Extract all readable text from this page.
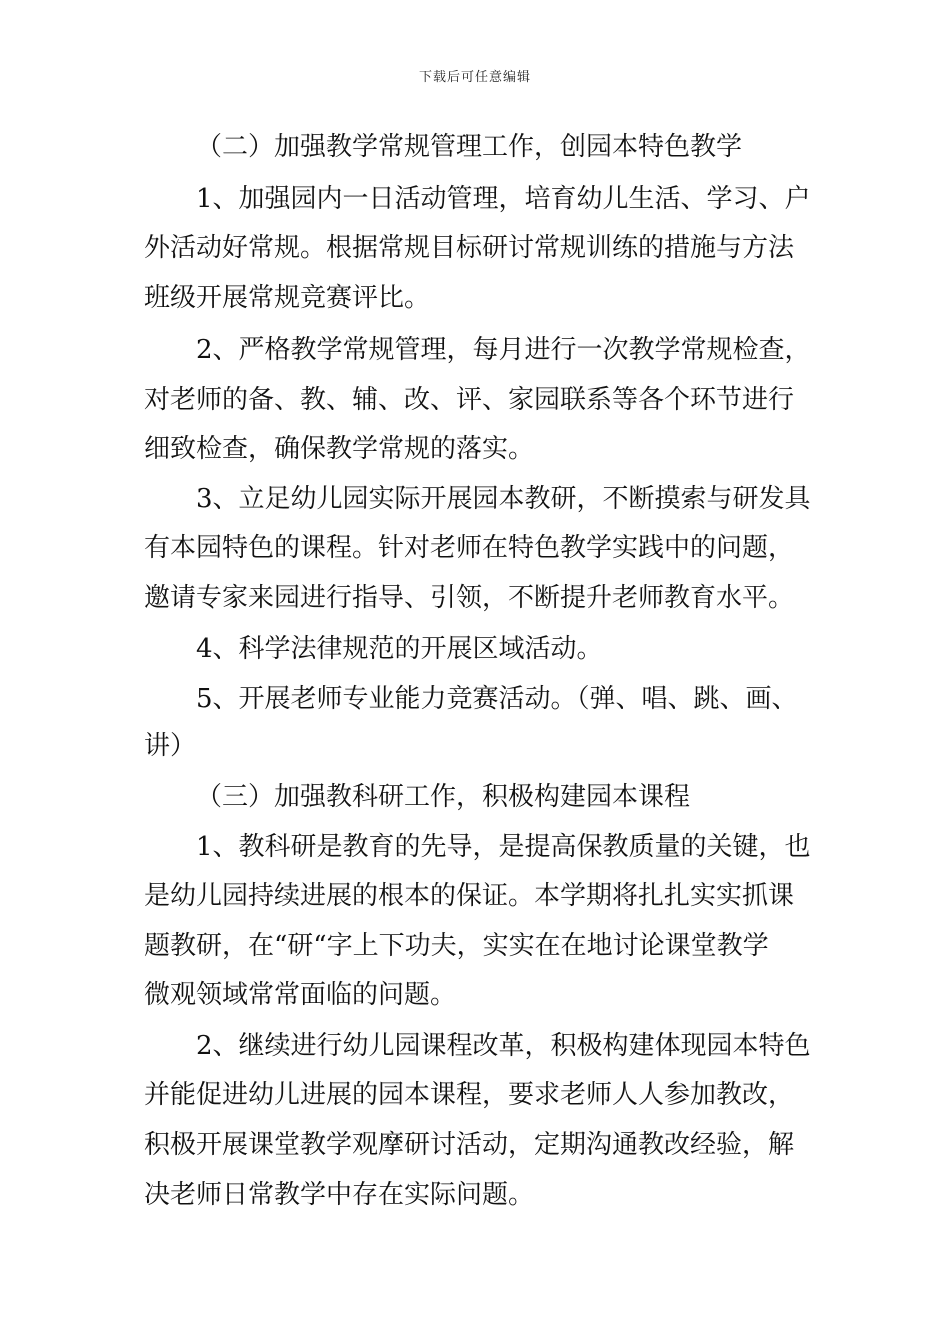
下载后可任意编辑
（二）加强教学常规管理工作，创园本特色教学
1、加强园内一日活动管理，培育幼儿生活、学习、户
外活动好常规。根据常规目标研讨常规训练的措施与方法
班级开展常规竞赛评比。
2、严格教学常规管理，每月进行一次教学常规检查，
对老师的备、教、辅、改、评、家园联系等各个环节进行
细致检查，确保教学常规的落实。
3、立足幼儿园实际开展园本教研，不断摸索与研发具
有本园特色的课程。针对老师在特色教学实践中的问题，
邀请专家来园进行指导、引领，不断提升老师教育水平。
4、科学法律规范的开展区域活动。
5、开展老师专业能力竞赛活动。（弹、唱、跳、画、
讲）
（三）加强教科研工作，积极构建园本课程
1、教科研是教育的先导，是提高保教质量的关键，也
是幼儿园持续进展的根本的保证。本学期将扎扎实实抓课
题教研，在“研“字上下功夫，实实在在地讨论课堂教学
微观领域常常面临的问题。
2、继续进行幼儿园课程改革，积极构建体现园本特色
并能促进幼儿进展的园本课程，要求老师人人参加教改，
积极开展课堂教学观摩研讨活动，定期沟通教改经验，解
决老师日常教学中存在实际问题。
